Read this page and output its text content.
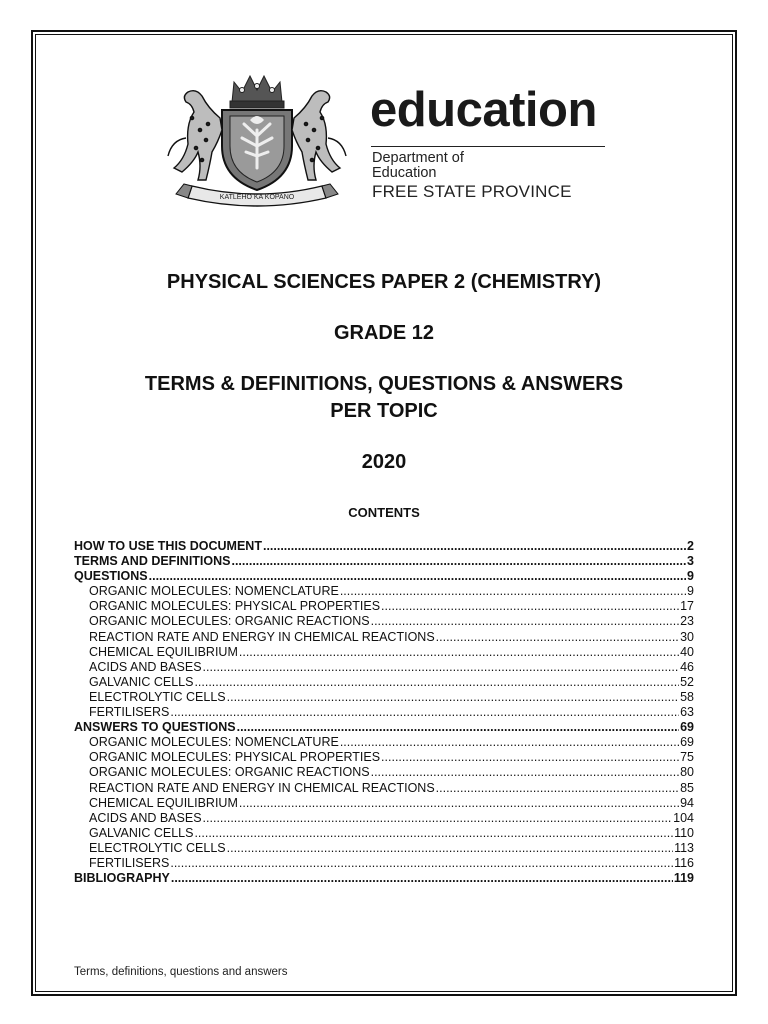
KATLEHO KA KOPANO
education
Department of
Education
FREE STATE PROVINCE
PHYSICAL SCIENCES PAPER 2 (CHEMISTRY)
GRADE 12
TERMS & DEFINITIONS, QUESTIONS & ANSWERS
PER TOPIC
2020
CONTENTS
HOW TO USE THIS DOCUMENT .....	2
TERMS AND DEFINITIONS .....	3
QUESTIONS .....	9
ORGANIC MOLECULES: NOMENCLATURE .....	9
ORGANIC MOLECULES: PHYSICAL PROPERTIES .....	17
ORGANIC MOLECULES: ORGANIC REACTIONS .....	23
REACTION RATE AND ENERGY IN CHEMICAL REACTIONS .....	30
CHEMICAL EQUILIBRIUM .....	40
ACIDS AND BASES .....	46
GALVANIC CELLS .....	52
ELECTROLYTIC CELLS .....	58
FERTILISERS .....	63
ANSWERS TO QUESTIONS .....	69
ORGANIC MOLECULES: NOMENCLATURE .....	69
ORGANIC MOLECULES: PHYSICAL PROPERTIES .....	75
ORGANIC MOLECULES: ORGANIC REACTIONS .....	80
REACTION RATE AND ENERGY IN CHEMICAL REACTIONS .....	85
CHEMICAL EQUILIBRIUM .....	94
ACIDS AND BASES .....	104
GALVANIC CELLS .....	110
ELECTROLYTIC CELLS .....	113
FERTILISERS .....	116
BIBLIOGRAPHY .....	119
Terms, definitions, questions and answers
